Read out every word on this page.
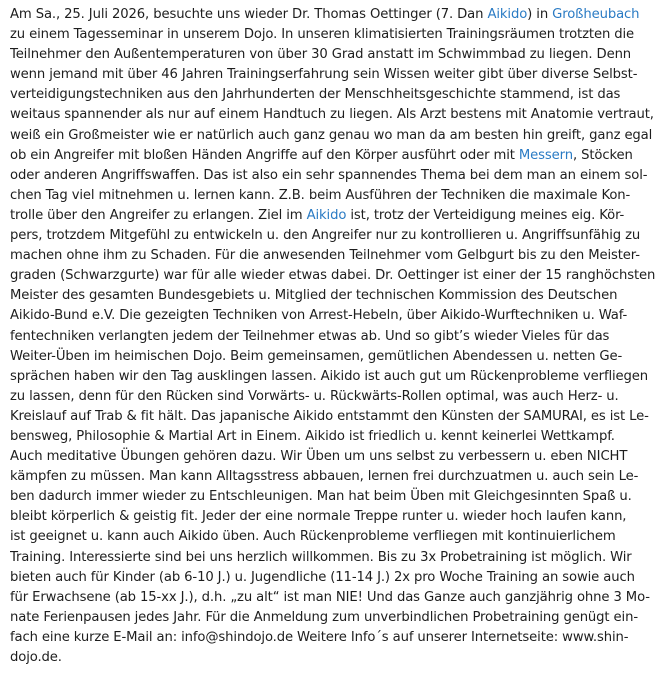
Am Sa., 25. Juli 2026, besuchte uns wieder Dr. Thomas Oettinger (7. Dan Aikido) in Großheubach
zu einem Tagesseminar in unserem Dojo. In unseren klimatisierten Trainingsräumen trotzten die
Teilnehmer den Außentemperaturen von über 30 Grad anstatt im Schwimmbad zu liegen. Denn
wenn jemand mit über 46 Jahren Trainingserfahrung sein Wissen weiter gibt über diverse Selbst-
verteidigungstechniken aus den Jahrhunderten der Menschheitsgeschichte stammend, ist das
weitaus spannender als nur auf einem Handtuch zu liegen. Als Arzt bestens mit Anatomie vertraut,
weiß ein Großmeister wie er natürlich auch ganz genau wo man da am besten hin greift, ganz egal
ob ein Angreifer mit bloßen Händen Angriffe auf den Körper ausführt oder mit Messern, Stöcken
oder anderen Angriffswaffen. Das ist also ein sehr spannendes Thema bei dem man an einem sol-
chen Tag viel mitnehmen u. lernen kann. Z.B. beim Ausführen der Techniken die maximale Kon-
trolle über den Angreifer zu erlangen. Ziel im Aikido ist, trotz der Verteidigung meines eig. Kör-
pers, trotzdem Mitgefühl zu entwickeln u. den Angreifer nur zu kontrollieren u. Angriffsunfähig zu
machen ohne ihm zu Schaden. Für die anwesenden Teilnehmer vom Gelbgurt bis zu den Meister-
graden (Schwarzgurte) war für alle wieder etwas dabei. Dr. Oettinger ist einer der 15 ranghöchsten
Meister des gesamten Bundesgebiets u. Mitglied der technischen Kommission des Deutschen
Aikido-Bund e.V. Die gezeigten Techniken von Arrest-Hebeln, über Aikido-Wurftechniken u. Waf-
fentechniken verlangten jedem der Teilnehmer etwas ab. Und so gibt’s wieder Vieles für das
Weiter-Üben im heimischen Dojo. Beim gemeinsamen, gemütlichen Abendessen u. netten Ge-
sprächen haben wir den Tag ausklingen lassen. Aikido ist auch gut um Rückenprobleme verfliegen
zu lassen, denn für den Rücken sind Vorwärts- u. Rückwärts-Rollen optimal, was auch Herz- u.
Kreislauf auf Trab & fit hält. Das japanische Aikido entstammt den Künsten der SAMURAI, es ist Le-
bensweg, Philosophie & Martial Art in Einem. Aikido ist friedlich u. kennt keinerlei Wettkampf.
Auch meditative Übungen gehören dazu. Wir Üben um uns selbst zu verbessern u. eben NICHT
kämpfen zu müssen. Man kann Alltagsstress abbauen, lernen frei durchzuatmen u. auch sein Le-
ben dadurch immer wieder zu Entschleunigen. Man hat beim Üben mit Gleichgesinnten Spaß u.
bleibt körperlich & geistig fit. Jeder der eine normale Treppe runter u. wieder hoch laufen kann,
ist geeignet u. kann auch Aikido üben. Auch Rückenprobleme verfliegen mit kontinuierlichem
Training. Interessierte sind bei uns herzlich willkommen. Bis zu 3x Probetraining ist möglich. Wir
bieten auch für Kinder (ab 6-10 J.) u. Jugendliche (11-14 J.) 2x pro Woche Training an sowie auch
für Erwachsene (ab 15-xx J.), d.h. „zu alt“ ist man NIE! Und das Ganze auch ganzjährig ohne 3 Mo-
nate Ferienpausen jedes Jahr. Für die Anmeldung zum unverbindlichen Probetraining genügt ein-
fach eine kurze E-Mail an: info@shindojo.de Weitere Info´s auf unserer Internetseite: www.shin-
dojo.de.
